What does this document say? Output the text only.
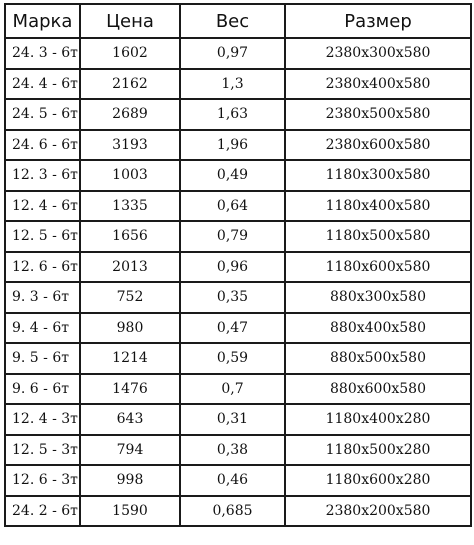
Марка	Цена	Вес	Размер
24. 3 - 6т	1602	0,97	2380x300x580
24. 4 - 6т	2162	1,3	2380x400x580
24. 5 - 6т	2689	1,63	2380x500x580
24. 6 - 6т	3193	1,96	2380x600x580
12. 3 - 6т	1003	0,49	1180x300x580
12. 4 - 6т	1335	0,64	1180x400x580
12. 5 - 6т	1656	0,79	1180x500x580
12. 6 - 6т	2013	0,96	1180x600x580
9. 3 - 6т	752	0,35	880x300x580
9. 4 - 6т	980	0,47	880x400x580
9. 5 - 6т	1214	0,59	880x500x580
9. 6 - 6т	1476	0,7	880x600x580
12. 4 - 3т	643	0,31	1180x400x280
12. 5 - 3т	794	0,38	1180x500x280
12. 6 - 3т	998	0,46	1180x600x280
24. 2 - 6т	1590	0,685	2380x200x580
